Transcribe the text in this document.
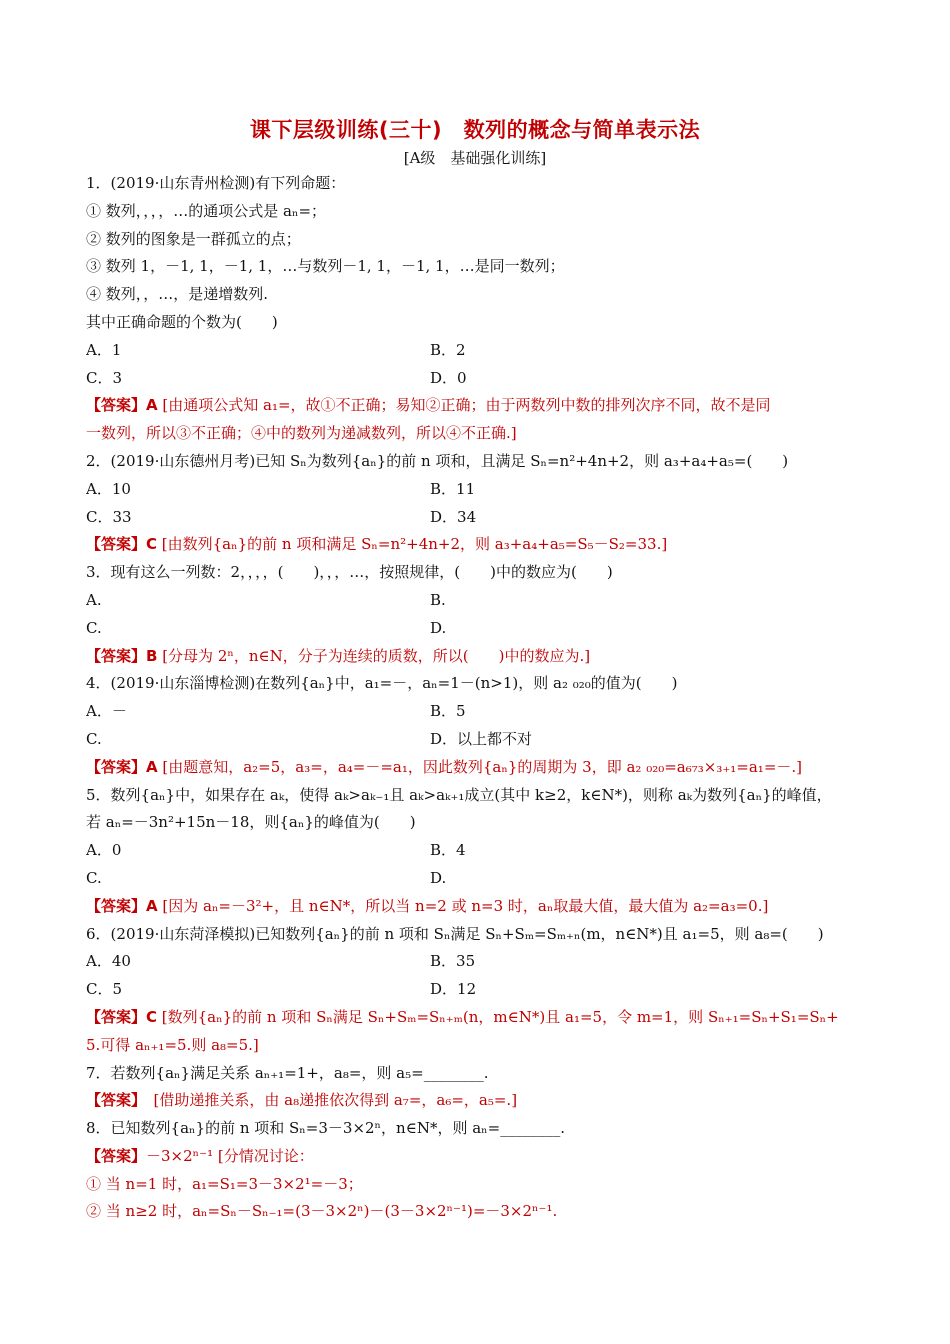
课下层级训练(三十)　数列的概念与简单表示法
[A级　基础强化训练]
1．(2019·山东青州检测)有下列命题：
① 数列，，，，…的通项公式是 aₙ=；
② 数列的图象是一群孤立的点；
③ 数列 1，－1, 1，－1, 1，…与数列－1, 1，－1, 1，…是同一数列；
④ 数列，，…，是递增数列.
其中正确命题的个数为(　　)
A．1	B．2
C．3	D．0
【答案】A [由通项公式知 a₁=，故①不正确；易知②正确；由于两数列中数的排列次序不同，故不是同
一数列，所以③不正确；④中的数列为递减数列，所以④不正确.]
2．(2019·山东德州月考)已知 Sₙ为数列{aₙ}的前 n 项和，且满足 Sₙ=n²+4n+2，则 a₃+a₄+a₅=(　　)
A．10	B．11
C．33	D．34
【答案】C [由数列{aₙ}的前 n 项和满足 Sₙ=n²+4n+2，则 a₃+a₄+a₅=S₅－S₂=33.]
3．现有这么一列数：2，，，，(　　)，，，…，按照规律，(　　)中的数应为(　　)
A.	B.
C.	D.
【答案】B [分母为 2ⁿ，n∈N，分子为连续的质数，所以(　　)中的数应为.]
4．(2019·山东淄博检测)在数列{aₙ}中，a₁=－，aₙ=1－(n>1)，则 a₂ ₀₂₀的值为(　　)
A．－	B．5
C.	D．以上都不对
【答案】A [由题意知，a₂=5，a₃=，a₄=－=a₁，因此数列{aₙ}的周期为 3，即 a₂ ₀₂₀=a₆₇₃×₃₊₁=a₁=－.]
5．数列{aₙ}中，如果存在 aₖ，使得 aₖ>aₖ₋₁且 aₖ>aₖ₊₁成立(其中 k≥2，k∈N*)，则称 aₖ为数列{aₙ}的峰值，
若 aₙ=－3n²+15n－18，则{aₙ}的峰值为(　　)
A．0	B．4
C.	D.
【答案】A [因为 aₙ=－3²+，且 n∈N*，所以当 n=2 或 n=3 时，aₙ取最大值，最大值为 a₂=a₃=0.]
6．(2019·山东菏泽模拟)已知数列{aₙ}的前 n 项和 Sₙ满足 Sₙ+Sₘ=Sₘ₊ₙ(m，n∈N*)且 a₁=5，则 a₈=(　　)
A．40	B．35
C．5	D．12
【答案】C [数列{aₙ}的前 n 项和 Sₙ满足 Sₙ+Sₘ=Sₙ₊ₘ(n，m∈N*)且 a₁=5，令 m=1，则 Sₙ₊₁=Sₙ+S₁=Sₙ+
5.可得 aₙ₊₁=5.则 a₈=5.]
7．若数列{aₙ}满足关系 aₙ₊₁=1+，a₈=，则 a₅=________.
【答案】　[借助递推关系，由 a₈递推依次得到 a₇=，a₆=，a₅=.]
8．已知数列{aₙ}的前 n 项和 Sₙ=3－3×2ⁿ，n∈N*，则 aₙ=________.
【答案】－3×2ⁿ⁻¹ [分情况讨论：
① 当 n=1 时，a₁=S₁=3－3×2¹=－3；
② 当 n≥2 时，aₙ=Sₙ－Sₙ₋₁=(3－3×2ⁿ)－(3－3×2ⁿ⁻¹)=－3×2ⁿ⁻¹.
